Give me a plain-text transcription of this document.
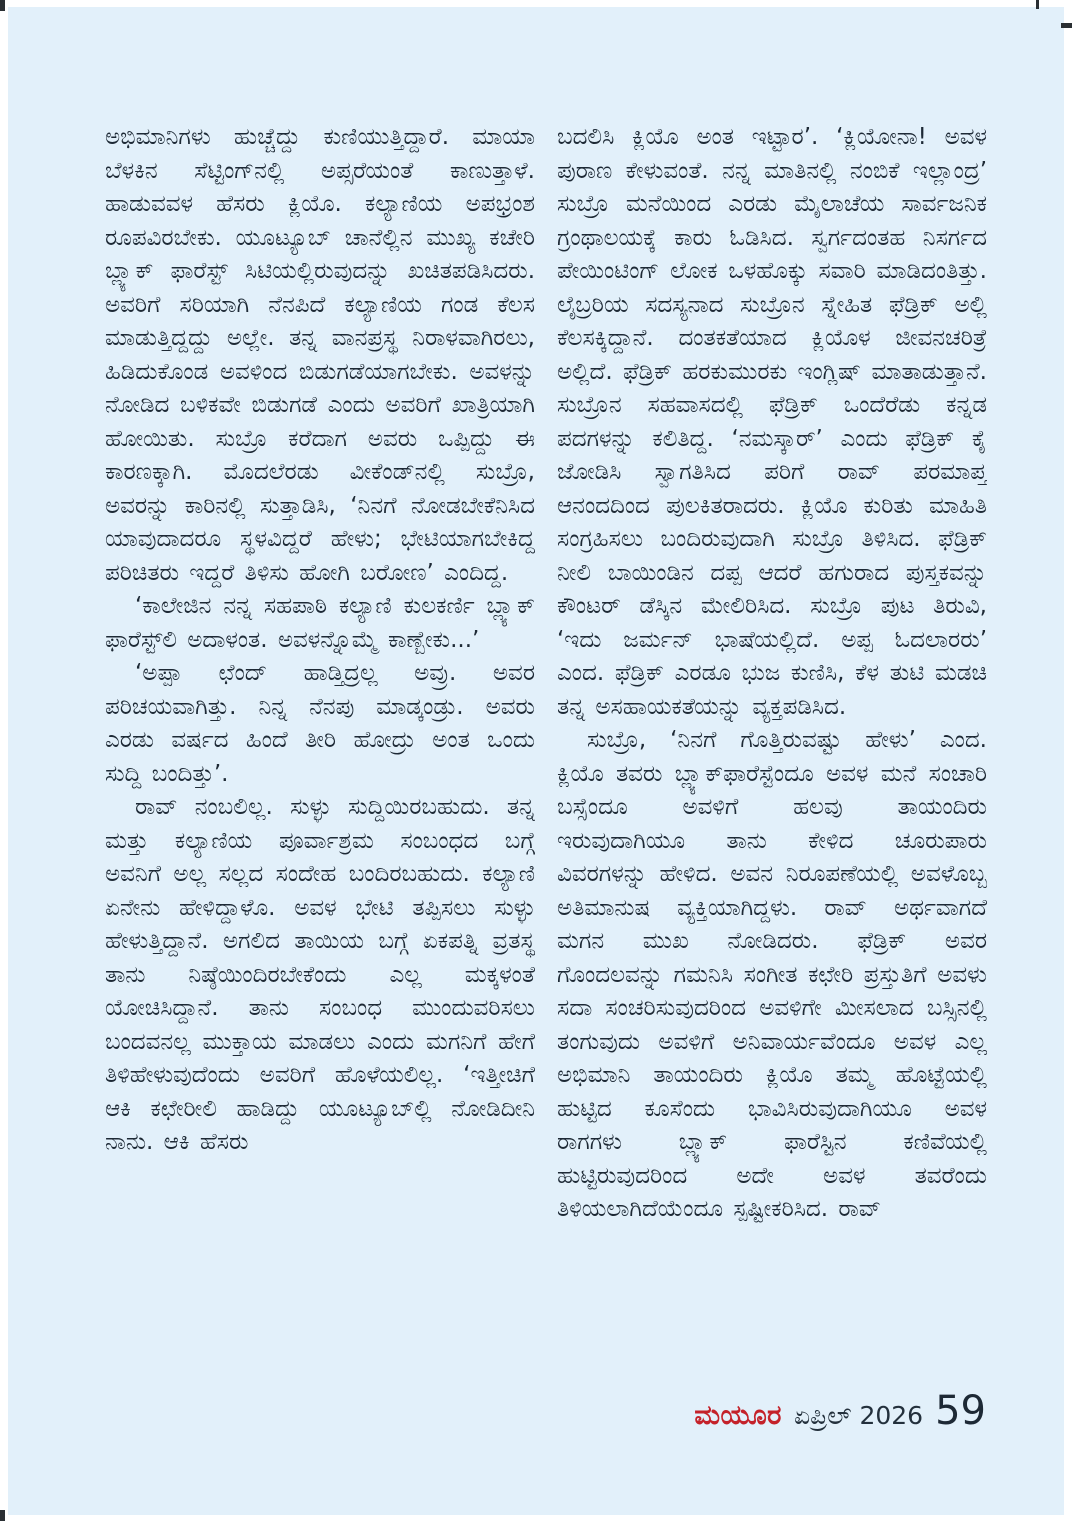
ಅಭಿಮಾನಿಗಳು ಹುಚ್ಚೆದ್ದು ಕುಣಿಯುತ್ತಿದ್ದಾರೆ. ಮಾಯಾ ಬೆಳಕಿನ ಸೆಟ್ಟಿಂಗ್‌ನಲ್ಲಿ ಅಪ್ಸರೆಯಂತೆ ಕಾಣುತ್ತಾಳೆ. ಹಾಡುವವಳ ಹೆಸರು ಕ್ಲಿಯೊ. ಕಲ್ಯಾಣಿಯ ಅಪಭ್ರಂಶ ರೂಪವಿರಬೇಕು. ಯೂಟ್ಯೂಬ್ ಚಾನೆಲ್ಲಿನ ಮುಖ್ಯ ಕಚೇರಿ ಬ್ಲ್ಯಾಕ್ ಫಾರೆಸ್ಟ್ ಸಿಟಿಯಲ್ಲಿರುವುದನ್ನು ಖಚಿತಪಡಿಸಿದರು. ಅವರಿಗೆ ಸರಿಯಾಗಿ ನೆನಪಿದೆ ಕಲ್ಯಾಣಿಯ ಗಂಡ ಕೆಲಸ ಮಾಡುತ್ತಿದ್ದದ್ದು ಅಲ್ಲೇ. ತನ್ನ ವಾನಪ್ರಸ್ಥ ನಿರಾಳವಾಗಿರಲು, ಹಿಡಿದುಕೊಂಡ ಅವಳಿಂದ ಬಿಡುಗಡೆಯಾಗಬೇಕು. ಅವಳನ್ನು ನೋಡಿದ ಬಳಿಕವೇ ಬಿಡುಗಡೆ ಎಂದು ಅವರಿಗೆ ಖಾತ್ರಿಯಾಗಿ ಹೋಯಿತು. ಸುಬ್ರೊ ಕರೆದಾಗ ಅವರು ಒಪ್ಪಿದ್ದು ಈ ಕಾರಣಕ್ಕಾಗಿ. ಮೊದಲೆರಡು ವೀಕೆಂಡ್‌ನಲ್ಲಿ ಸುಬ್ರೊ, ಅವರನ್ನು ಕಾರಿನಲ್ಲಿ ಸುತ್ತಾಡಿಸಿ, ‘ನಿನಗೆ ನೋಡಬೇಕೆನಿಸಿದ ಯಾವುದಾದರೂ ಸ್ಥಳವಿದ್ದರೆ ಹೇಳು; ಭೇಟಿಯಾಗಬೇಕಿದ್ದ ಪರಿಚಿತರು ಇದ್ದರೆ ತಿಳಿಸು ಹೋಗಿ ಬರೋಣ’ ಎಂದಿದ್ದ.

‘ಕಾಲೇಜಿನ ನನ್ನ ಸಹಪಾಠಿ ಕಲ್ಯಾಣಿ ಕುಲಕರ್ಣಿ ಬ್ಲ್ಯಾಕ್ ಫಾರೆಸ್ಟ್‌ಲಿ ಅದಾಳಂತ. ಅವಳನ್ನೊಮ್ಮೆ ಕಾಣ್ಬೇಕು...’

‘ಅಪ್ಪಾ ಛೆಂದ್ ಹಾಡ್ತಿದ್ರಲ್ಲ ಅವ್ರು. ಅವರ ಪರಿಚಯವಾಗಿತ್ತು. ನಿನ್ನ ನೆನಪು ಮಾಡ್ಕಂಡ್ರು. ಅವರು ಎರಡು ವರ್ಷದ ಹಿಂದೆ ತೀರಿ ಹೋದ್ರು ಅಂತ ಒಂದು ಸುದ್ದಿ ಬಂದಿತ್ತು’.

ರಾವ್ ನಂಬಲಿಲ್ಲ. ಸುಳ್ಳು ಸುದ್ದಿಯಿರಬಹುದು. ತನ್ನ ಮತ್ತು ಕಲ್ಯಾಣಿಯ ಪೂರ್ವಾಶ್ರಮ ಸಂಬಂಧದ ಬಗ್ಗೆ ಅವನಿಗೆ ಅಲ್ಲ ಸಲ್ಲದ ಸಂದೇಹ ಬಂದಿರಬಹುದು. ಕಲ್ಯಾಣಿ ಏನೇನು ಹೇಳಿದ್ದಾಳೊ. ಅವಳ ಭೇಟಿ ತಪ್ಪಿಸಲು ಸುಳ್ಳು ಹೇಳುತ್ತಿದ್ದಾನೆ. ಅಗಲಿದ ತಾಯಿಯ ಬಗ್ಗೆ ಏಕಪತ್ನಿ ವ್ರತಸ್ಥ ತಾನು ನಿಷ್ಠೆಯಿಂದಿರಬೇಕೆಂದು ಎಲ್ಲ ಮಕ್ಕಳಂತೆ ಯೋಚಿಸಿದ್ದಾನೆ. ತಾನು ಸಂಬಂಧ ಮುಂದುವರಿಸಲು ಬಂದವನಲ್ಲ ಮುಕ್ತಾಯ ಮಾಡಲು ಎಂದು ಮಗನಿಗೆ ಹೇಗೆ ತಿಳಿಹೇಳುವುದೆಂದು ಅವರಿಗೆ ಹೊಳೆಯಲಿಲ್ಲ. ‘ಇತ್ತೀಚಿಗೆ ಆಕಿ ಕಛೇರೀಲಿ ಹಾಡಿದ್ದು ಯೂಟ್ಯೂಬ್‌ಲ್ಲಿ ನೋಡಿದೀನಿ ನಾನು. ಆಕಿ ಹೆಸರು

ಬದಲಿಸಿ ಕ್ಲಿಯೊ ಅಂತ ಇಟ್ಟಾರ’. ‘ಕ್ಲಿಯೋನಾ! ಅವಳ ಪುರಾಣ ಕೇಳುವಂತೆ. ನನ್ನ ಮಾತಿನಲ್ಲಿ ನಂಬಿಕೆ ಇಲ್ಲಾಂದ್ರ’ ಸುಬ್ರೊ ಮನೆಯಿಂದ ಎರಡು ಮೈಲಾಚೆಯ ಸಾರ್ವಜನಿಕ ಗ್ರಂಥಾಲಯಕ್ಕೆ ಕಾರು ಓಡಿಸಿದ. ಸ್ವರ್ಗದಂತಹ ನಿಸರ್ಗದ ಪೇಯಿಂಟಿಂಗ್ ಲೋಕ ಒಳಹೊಕ್ಕು ಸವಾರಿ ಮಾಡಿದಂತಿತ್ತು. ಲೈಬ್ರರಿಯ ಸದಸ್ಯನಾದ ಸುಬ್ರೊನ ಸ್ನೇಹಿತ ಫೆಡ್ರಿಕ್ ಅಲ್ಲಿ ಕೆಲಸಕ್ಕಿದ್ದಾನೆ. ದಂತಕತೆಯಾದ ಕ್ಲಿಯೊಳ ಜೀವನಚರಿತ್ರೆ ಅಲ್ಲಿದೆ. ಫೆಡ್ರಿಕ್ ಹರಕುಮುರಕು ಇಂಗ್ಲಿಷ್ ಮಾತಾಡುತ್ತಾನೆ. ಸುಬ್ರೊನ ಸಹವಾಸದಲ್ಲಿ ಫೆಡ್ರಿಕ್ ಒಂದೆರೆಡು ಕನ್ನಡ ಪದಗಳನ್ನು ಕಲಿತಿದ್ದ. ‘ನಮಸ್ಕಾರ್’ ಎಂದು ಫೆಡ್ರಿಕ್ ಕೈ ಜೋಡಿಸಿ ಸ್ವಾಗತಿಸಿದ ಪರಿಗೆ ರಾವ್ ಪರಮಾಪ್ತ ಆನಂದದಿಂದ ಪುಲಕಿತರಾದರು. ಕ್ಲಿಯೊ ಕುರಿತು ಮಾಹಿತಿ ಸಂಗ್ರಹಿಸಲು ಬಂದಿರುವುದಾಗಿ ಸುಬ್ರೊ ತಿಳಿಸಿದ. ಫೆಡ್ರಿಕ್ ನೀಲಿ ಬಾಯಿಂಡಿನ ದಪ್ಪ ಆದರೆ ಹಗುರಾದ ಪುಸ್ತಕವನ್ನು ಕೌಂಟರ್ ಡೆಸ್ಕಿನ ಮೇಲಿರಿಸಿದ. ಸುಬ್ರೊ ಪುಟ ತಿರುವಿ, ‘ಇದು ಜರ್ಮನ್ ಭಾಷೆಯಲ್ಲಿದೆ. ಅಪ್ಪ ಓದಲಾರರು’ ಎಂದ. ಫೆಡ್ರಿಕ್ ಎರಡೂ ಭುಜ ಕುಣಿಸಿ, ಕೆಳ ತುಟಿ ಮಡಚಿ ತನ್ನ ಅಸಹಾಯಕತೆಯನ್ನು ವ್ಯಕ್ತಪಡಿಸಿದ.

ಸುಬ್ರೊ, ‘ನಿನಗೆ ಗೊತ್ತಿರುವಷ್ಟು ಹೇಳು’ ಎಂದ. ಕ್ಲಿಯೊ ತವರು ಬ್ಲ್ಯಾಕ್‌ಫಾರೆಸ್ಟೆಂದೂ ಅವಳ ಮನೆ ಸಂಚಾರಿ ಬಸ್ಸೆಂದೂ ಅವಳಿಗೆ ಹಲವು ತಾಯಂದಿರು ಇರುವುದಾಗಿಯೂ ತಾನು ಕೇಳಿದ ಚೂರುಪಾರು ವಿವರಗಳನ್ನು ಹೇಳಿದ. ಅವನ ನಿರೂಪಣೆಯಲ್ಲಿ ಅವಳೊಬ್ಬ ಅತಿಮಾನುಷ ವ್ಯಕ್ತಿಯಾಗಿದ್ದಳು. ರಾವ್ ಅರ್ಥವಾಗದೆ ಮಗನ ಮುಖ ನೋಡಿದರು. ಫೆಡ್ರಿಕ್ ಅವರ ಗೊಂದಲವನ್ನು ಗಮನಿಸಿ ಸಂಗೀತ ಕಛೇರಿ ಪ್ರಸ್ತುತಿಗೆ ಅವಳು ಸದಾ ಸಂಚರಿಸುವುದರಿಂದ ಅವಳಿಗೇ ಮೀಸಲಾದ ಬಸ್ಸಿನಲ್ಲಿ ತಂಗುವುದು ಅವಳಿಗೆ ಅನಿವಾರ್ಯವೆಂದೂ ಅವಳ ಎಲ್ಲ ಅಭಿಮಾನಿ ತಾಯಂದಿರು ಕ್ಲಿಯೊ ತಮ್ಮ ಹೊಟ್ಟೆಯಲ್ಲಿ ಹುಟ್ಟಿದ ಕೂಸೆಂದು ಭಾವಿಸಿರುವುದಾಗಿಯೂ ಅವಳ ರಾಗಗಳು ಬ್ಲ್ಯಾಕ್ ಫಾರೆಸ್ಟಿನ ಕಣಿವೆಯಲ್ಲಿ ಹುಟ್ಟಿರುವುದರಿಂದ ಅದೇ ಅವಳ ತವರೆಂದು ತಿಳಿಯಲಾಗಿದೆಯೆಂದೂ ಸ್ಪಷ್ಟೀಕರಿಸಿದ. ರಾವ್

ಮಯೂರ ಏಪ್ರಿಲ್ 2026 59
